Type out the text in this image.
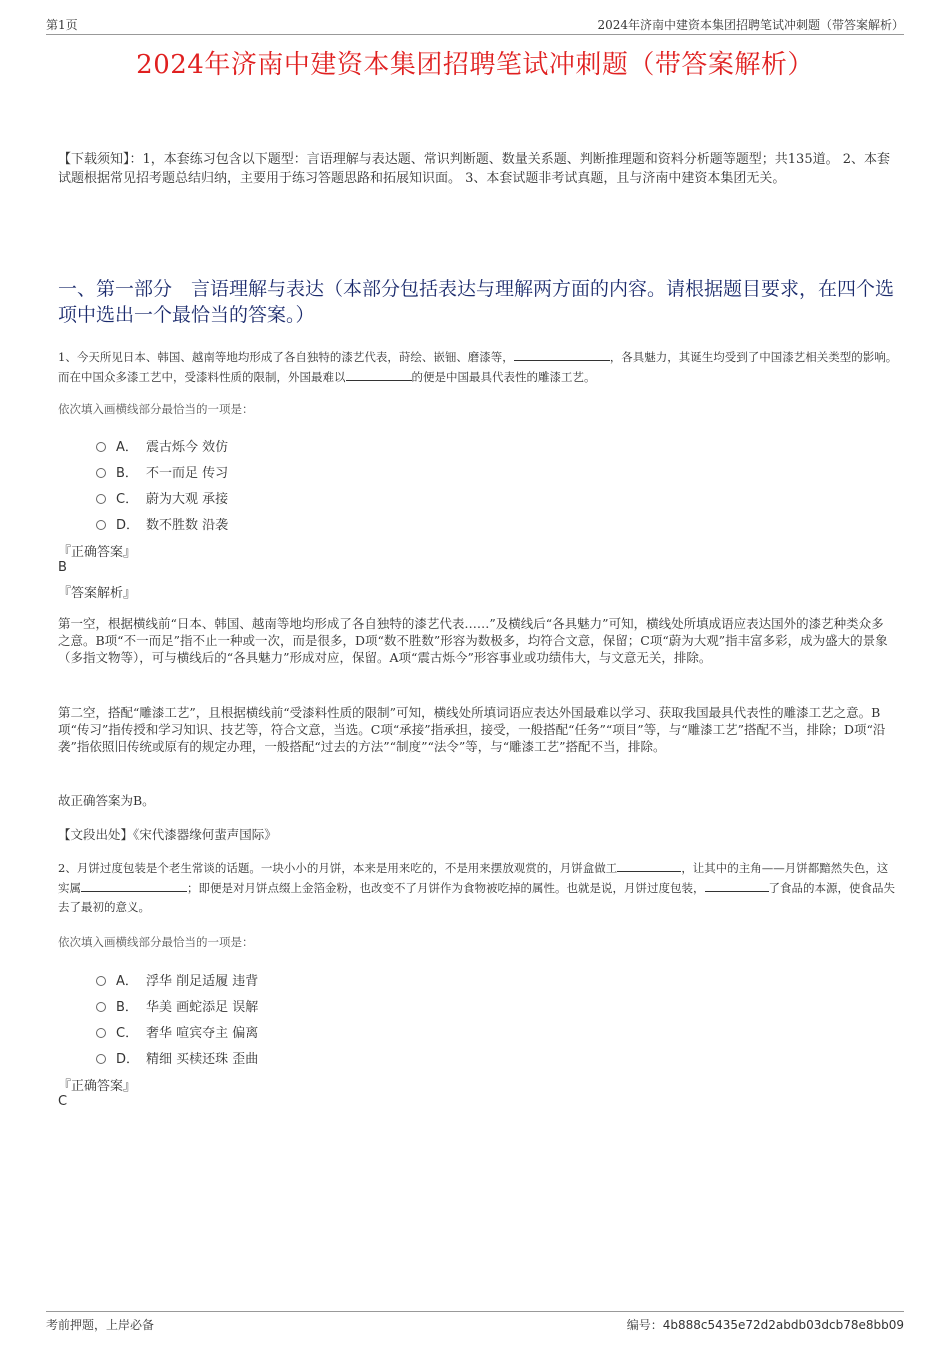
第1页	2024年济南中建资本集团招聘笔试冲刺题（带答案解析）
2024年济南中建资本集团招聘笔试冲刺题（带答案解析）
【下载须知】：1，本套练习包含以下题型：言语理解与表达题、常识判断题、数量关系题、判断推理题和资料分析题等题型；共135道。 2、本套试题根据常见招考题总结归纳，主要用于练习答题思路和拓展知识面。 3、本套试题非考试真题，且与济南中建资本集团无关。
一、第一部分　言语理解与表达（本部分包括表达与理解两方面的内容。请根据题目要求，在四个选项中选出一个最恰当的答案。）
1、今天所见日本、韩国、越南等地均形成了各自独特的漆艺代表，莳绘、嵌钿、磨漆等，	，各具魅力，其诞生均受到了中国漆艺相关类型的影响。而在中国众多漆工艺中，受漆料性质的限制，外国最难以	的便是中国最具代表性的雕漆工艺。
依次填入画横线部分最恰当的一项是：
A． 震古烁今 效仿
B． 不一而足 传习
C． 蔚为大观 承接
D． 数不胜数 沿袭
『正确答案』
B
『答案解析』
第一空，根据横线前“日本、韩国、越南等地均形成了各自独特的漆艺代表……”及横线后“各具魅力”可知，横线处所填成语应表达国外的漆艺种类众多之意。B项“不一而足”指不止一种或一次，而是很多，D项“数不胜数”形容为数极多，均符合文意，保留；C项“蔚为大观”指丰富多彩，成为盛大的景象（多指文物等），可与横线后的“各具魅力”形成对应，保留。A项“震古烁今”形容事业或功绩伟大，与文意无关，排除。
第二空，搭配“雕漆工艺”，且根据横线前“受漆料性质的限制”可知，横线处所填词语应表达外国最难以学习、获取我国最具代表性的雕漆工艺之意。B项“传习”指传授和学习知识、技艺等，符合文意，当选。C项“承接”指承担，接受，一般搭配“任务”“项目”等，与“雕漆工艺”搭配不当，排除；D项“沿袭”指依照旧传统或原有的规定办理，一般搭配“过去的方法”“制度”“法令”等，与“雕漆工艺”搭配不当，排除。
故正确答案为B。
【文段出处】《宋代漆器缘何蜚声国际》
2、月饼过度包装是个老生常谈的话题。一块小小的月饼，本来是用来吃的，不是用来摆放观赏的，月饼盒做工	，让其中的主角——月饼都黯然失色，这实属	；即便是对月饼点缀上金箔金粉，也改变不了月饼作为食物被吃掉的属性。也就是说，月饼过度包装，	了食品的本源，使食品失去了最初的意义。
依次填入画横线部分最恰当的一项是：
A． 浮华 削足适履 违背
B． 华美 画蛇添足 误解
C． 奢华 喧宾夺主 偏离
D． 精细 买椟还珠 歪曲
『正确答案』
C
考前押题，上岸必备	编号：4b888c5435e72d2abdb03dcb78e8bb09
